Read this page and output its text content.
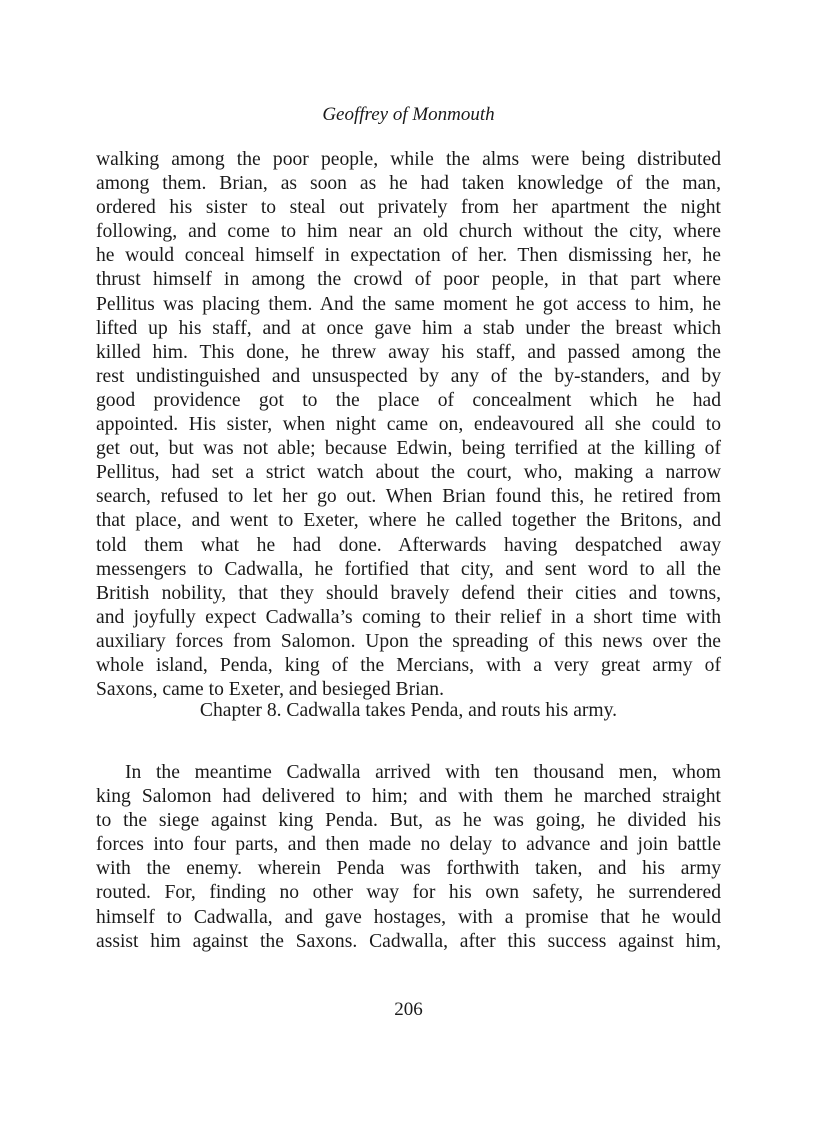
Geoffrey of Monmouth
walking among the poor people, while the alms were being distributed
among them. Brian, as soon as he had taken knowledge of the man,
ordered his sister to steal out privately from her apartment the night
following, and come to him near an old church without the city, where
he would conceal himself in expectation of her. Then dismissing her, he
thrust himself in among the crowd of poor people, in that part where
Pellitus was placing them. And the same moment he got access to him, he
lifted up his staff, and at once gave him a stab under the breast which
killed him. This done, he threw away his staff, and passed among the
rest undistinguished and unsuspected by any of the by-standers, and by
good providence got to the place of concealment which he had
appointed. His sister, when night came on, endeavoured all she could to
get out, but was not able; because Edwin, being terrified at the killing of
Pellitus, had set a strict watch about the court, who, making a narrow
search, refused to let her go out. When Brian found this, he retired from
that place, and went to Exeter, where he called together the Britons, and
told them what he had done. Afterwards having despatched away
messengers to Cadwalla, he fortified that city, and sent word to all the
British nobility, that they should bravely defend their cities and towns,
and joyfully expect Cadwalla’s coming to their relief in a short time with
auxiliary forces from Salomon. Upon the spreading of this news over the
whole island, Penda, king of the Mercians, with a very great army of
Saxons, came to Exeter, and besieged Brian.
Chapter 8. Cadwalla takes Penda, and routs his army.
In the meantime Cadwalla arrived with ten thousand men, whom
king Salomon had delivered to him; and with them he marched straight
to the siege against king Penda. But, as he was going, he divided his
forces into four parts, and then made no delay to advance and join battle
with the enemy. wherein Penda was forthwith taken, and his army
routed. For, finding no other way for his own safety, he surrendered
himself to Cadwalla, and gave hostages, with a promise that he would
assist him against the Saxons. Cadwalla, after this success against him,
206
